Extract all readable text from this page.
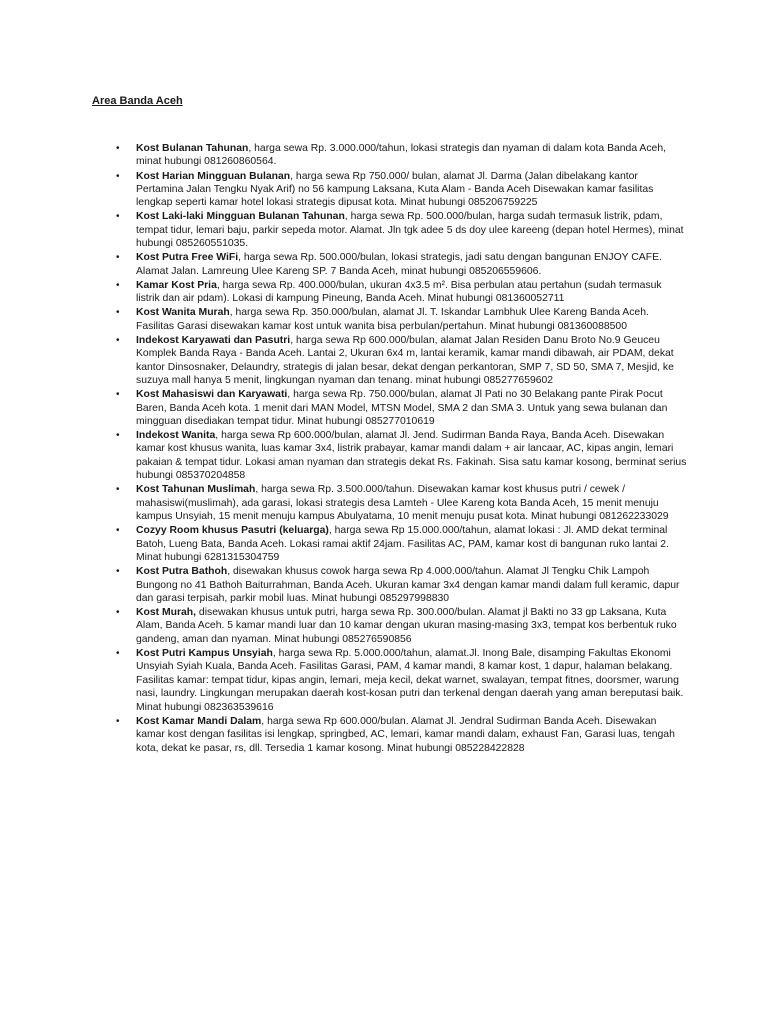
Area Banda Aceh
• Kost Bulanan Tahunan, harga sewa Rp. 3.000.000/tahun, lokasi strategis dan nyaman di dalam kota Banda Aceh, minat hubungi 081260860564.
• Kost Harian Mingguan Bulanan, harga sewa Rp 750.000/ bulan, alamat Jl. Darma (Jalan dibelakang kantor Pertamina Jalan Tengku Nyak Arif) no 56 kampung Laksana, Kuta Alam - Banda Aceh Disewakan kamar fasilitas lengkap seperti kamar hotel lokasi strategis dipusat kota. Minat hubungi 085206759225
• Kost Laki-laki Mingguan Bulanan Tahunan, harga sewa Rp. 500.000/bulan, harga sudah termasuk listrik, pdam, tempat tidur, lemari baju, parkir sepeda motor. Alamat. Jln tgk adee 5 ds doy ulee kareeng (depan hotel Hermes), minat hubungi 085260551035.
• Kost Putra Free WiFi, harga sewa Rp. 500.000/bulan, lokasi strategis, jadi satu dengan bangunan ENJOY CAFE. Alamat Jalan. Lamreung Ulee Kareng SP. 7 Banda Aceh, minat hubungi 085206559606.
• Kamar Kost Pria, harga sewa Rp. 400.000/bulan, ukuran 4x3.5 m². Bisa perbulan atau pertahun (sudah termasuk listrik dan air pdam). Lokasi di kampung Pineung, Banda Aceh. Minat hubungi 081360052711
• Kost Wanita Murah, harga sewa Rp. 350.000/bulan, alamat Jl. T. Iskandar Lambhuk Ulee Kareng Banda Aceh. Fasilitas Garasi disewakan kamar kost untuk wanita bisa perbulan/pertahun. Minat hubungi 081360088500
• Indekost Karyawati dan Pasutri, harga sewa Rp 600.000/bulan, alamat Jalan Residen Danu Broto No.9 Geuceu Komplek Banda Raya - Banda Aceh. Lantai 2, Ukuran 6x4 m, lantai keramik, kamar mandi dibawah, air PDAM, dekat kantor Dinsosnaker, Delaundry, strategis di jalan besar, dekat dengan perkantoran, SMP 7, SD 50, SMA 7, Mesjid, ke suzuya mall hanya 5 menit, lingkungan nyaman dan tenang. minat hubungi 085277659602
• Kost Mahasiswi dan Karyawati, harga sewa Rp. 750.000/bulan, alamat Jl Pati no 30 Belakang pante Pirak Pocut Baren, Banda Aceh kota. 1 menit dari MAN Model, MTSN Model, SMA 2 dan SMA 3. Untuk yang sewa bulanan dan mingguan disediakan tempat tidur. Minat hubungi 085277010619
• Indekost Wanita, harga sewa Rp 600.000/bulan, alamat Jl. Jend. Sudirman Banda Raya, Banda Aceh. Disewakan kamar kost khusus wanita, luas kamar 3x4, listrik prabayar, kamar mandi dalam + air lancaar, AC, kipas angin, lemari pakaian & tempat tidur. Lokasi aman nyaman dan strategis dekat Rs. Fakinah. Sisa satu kamar kosong, berminat serius hubungi 085370204858
• Kost Tahunan Muslimah, harga sewa Rp. 3.500.000/tahun. Disewakan kamar kost khusus putri / cewek / mahasiswi(muslimah), ada garasi, lokasi strategis desa Lamteh - Ulee Kareng kota Banda Aceh, 15 menit menuju kampus Unsyiah, 15 menit menuju kampus Abulyatama, 10 menit menuju pusat kota. Minat hubungi 081262233029
• Cozyy Room khusus Pasutri (keluarga), harga sewa Rp 15.000.000/tahun, alamat lokasi : Jl. AMD dekat terminal Batoh, Lueng Bata, Banda Aceh. Lokasi ramai aktif 24jam. Fasilitas AC, PAM, kamar kost di bangunan ruko lantai 2. Minat hubungi 6281315304759
• Kost Putra Bathoh, disewakan khusus cowok harga sewa Rp 4.000.000/tahun. Alamat Jl Tengku Chik Lampoh Bungong no 41 Bathoh Baiturrahman, Banda Aceh. Ukuran kamar 3x4 dengan kamar mandi dalam full keramic, dapur dan garasi terpisah, parkir mobil luas. Minat hubungi 085297998830
• Kost Murah, disewakan khusus untuk putri, harga sewa Rp. 300.000/bulan. Alamat jl Bakti no 33 gp Laksana, Kuta Alam, Banda Aceh. 5 kamar mandi luar dan 10 kamar dengan ukuran masing-masing 3x3, tempat kos berbentuk ruko gandeng, aman dan nyaman. Minat hubungi 085276590856
• Kost Putri Kampus Unsyiah, harga sewa Rp. 5.000.000/tahun, alamat.Jl. Inong Bale, disamping Fakultas Ekonomi Unsyiah Syiah Kuala, Banda Aceh. Fasilitas Garasi, PAM, 4 kamar mandi, 8 kamar kost, 1 dapur, halaman belakang. Fasilitas kamar: tempat tidur, kipas angin, lemari, meja kecil, dekat warnet, swalayan, tempat fitnes, doorsmer, warung nasi, laundry. Lingkungan merupakan daerah kost-kosan putri dan terkenal dengan daerah yang aman bereputasi baik. Minat hubungi 082363539616
• Kost Kamar Mandi Dalam, harga sewa Rp 600.000/bulan. Alamat Jl. Jendral Sudirman Banda Aceh. Disewakan kamar kost dengan fasilitas isi lengkap, springbed, AC, lemari, kamar mandi dalam, exhaust Fan, Garasi luas, tengah kota, dekat ke pasar, rs, dll. Tersedia 1 kamar kosong. Minat hubungi 085228422828
